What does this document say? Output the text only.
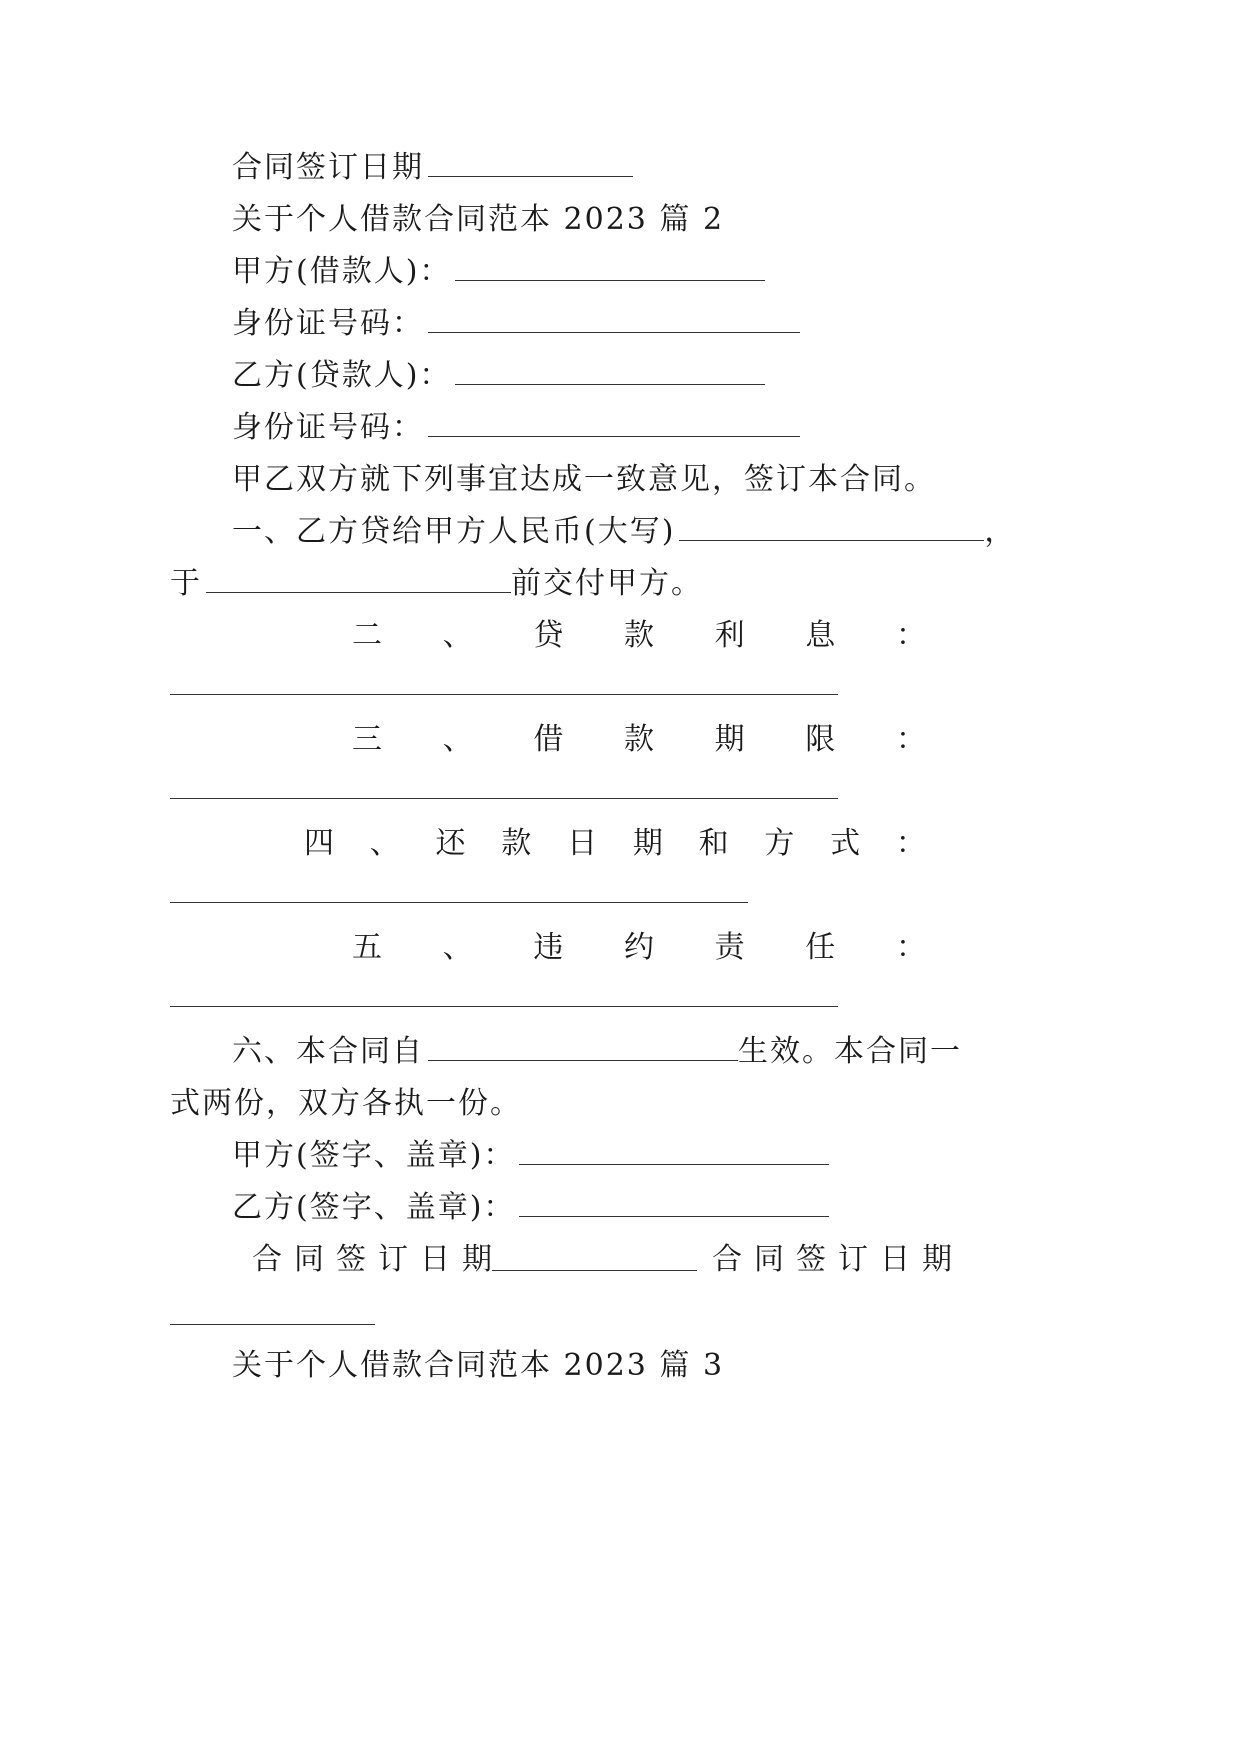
合同签订日期
关于个人借款合同范本 2023 篇 2
甲方(借款人)：
身份证号码：
乙方(贷款人)：
身份证号码：
甲乙双方就下列事宜达成一致意见，签订本合同。
一、乙方贷给甲方人民币(大写)	，
于	前交付甲方。
二 、 贷 款 利 息 ：
三 、 借 款 期 限 ：
四 、 还 款 日 期 和 方 式 ：
五 、 违 约 责 任 ：
六、本合同自	生效。本合同一
式两份，双方各执一份。
甲方(签字、盖章)：
乙方(签字、盖章)：
合同签订日期	合同签订日期
关于个人借款合同范本 2023 篇 3
